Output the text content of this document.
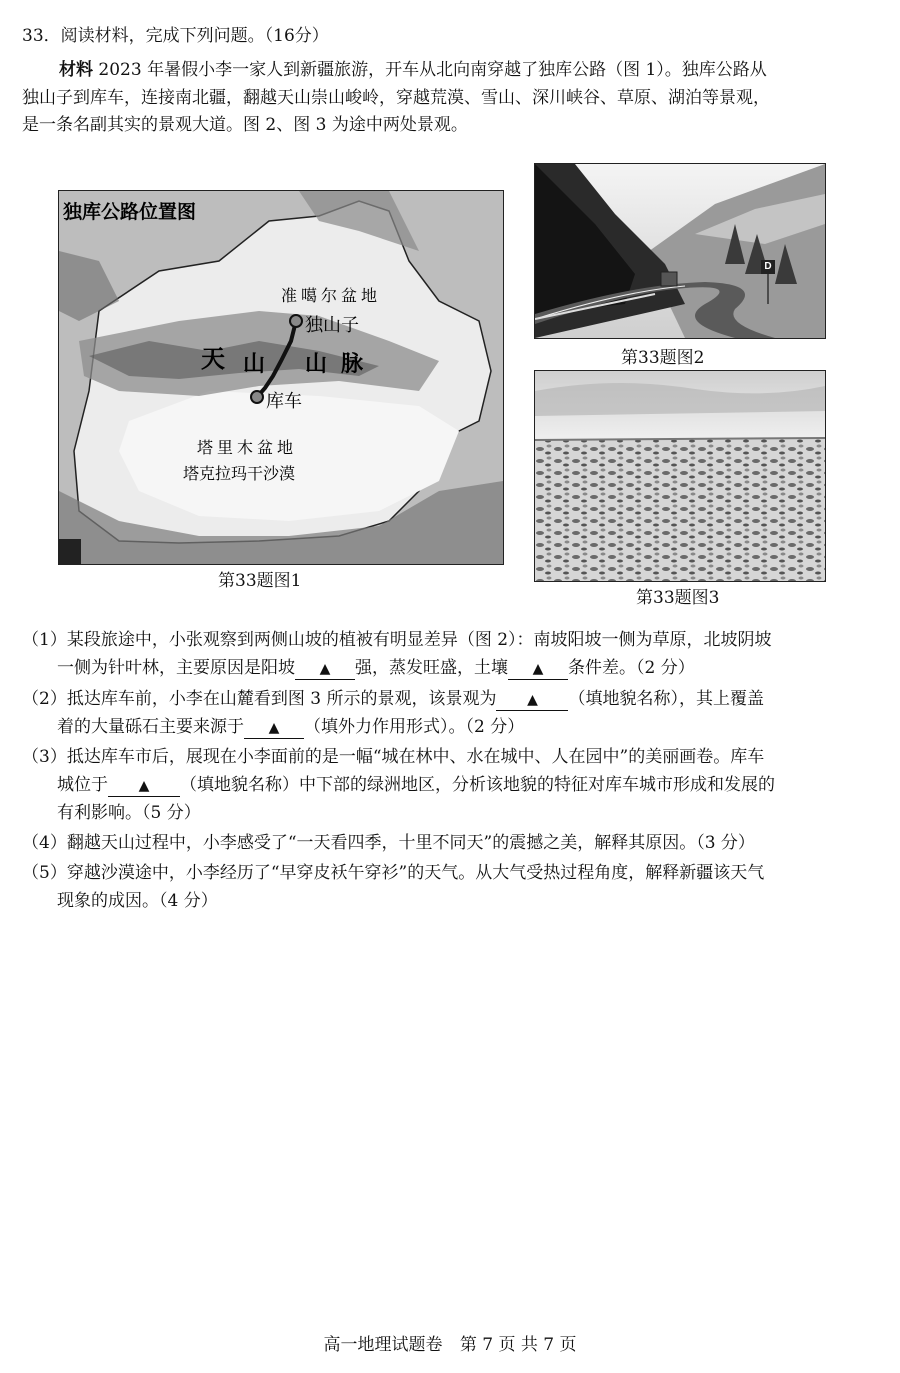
33．阅读材料，完成下列问题。（16分）
材料 2023 年暑假小李一家人到新疆旅游，开车从北向南穿越了独库公路（图 1）。独库公路从
独山子到库车，连接南北疆，翻越天山崇山峻岭，穿越荒漠、雪山、深川峡谷、草原、湖泊等景观，
是一条名副其实的景观大道。图 2、图 3 为途中两处景观。
独库公路位置图
准噶尔盆地
独山子
天 山 山 脉
库车
塔里木盆地
塔克拉玛干沙漠
第33题图1
D
第33题图2
第33题图3
（1）某段旅途中，小张观察到两侧山坡的植被有明显差异（图 2）：南坡阳坡一侧为草原，北坡阴坡
一侧为针叶林，主要原因是阳坡 ▲ 强，蒸发旺盛，土壤 ▲ 条件差。（2 分）
（2）抵达库车前，小李在山麓看到图 3 所示的景观，该景观为 ▲ （填地貌名称），其上覆盖
着的大量砾石主要来源于 ▲ （填外力作用形式）。（2 分）
（3）抵达库车市后，展现在小李面前的是一幅“城在林中、水在城中、人在园中”的美丽画卷。库车
城位于 ▲ （填地貌名称）中下部的绿洲地区，分析该地貌的特征对库车城市形成和发展的
有利影响。（5 分）
（4）翻越天山过程中，小李感受了“一天看四季，十里不同天”的震撼之美，解释其原因。（3 分）
（5）穿越沙漠途中，小李经历了“早穿皮袄午穿衫”的天气。从大气受热过程角度，解释新疆该天气
现象的成因。（4 分）
高一地理试题卷 第 7 页 共 7 页
